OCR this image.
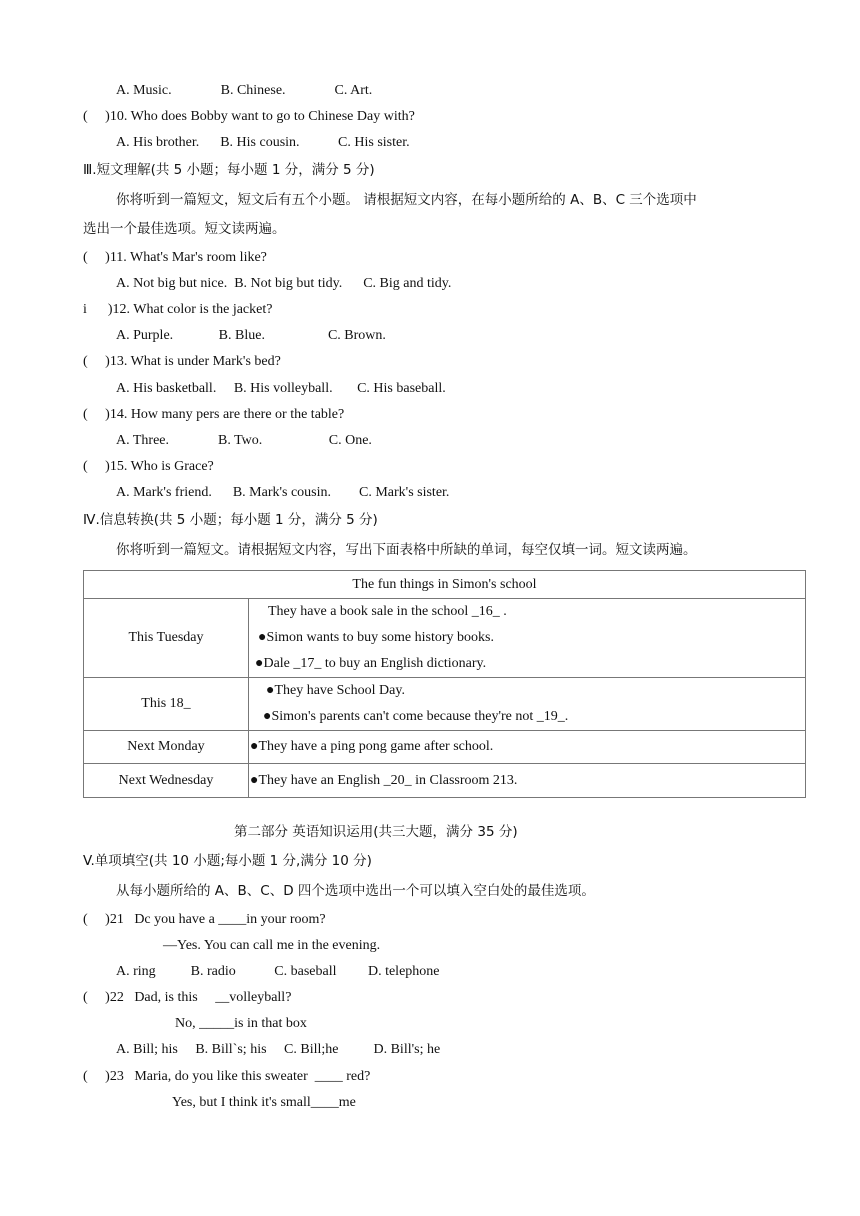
A. Music.              B. Chinese.              C. Art.
(     )10. Who does Bobby want to go to Chinese Day with?
A. His brother.      B. His cousin.           C. His sister.
Ⅲ.短文理解(共 5 小题；每小题 1 分，满分 5 分)
你将听到一篇短文，短文后有五个小题。 请根据短文内容，在每小题所给的 A、B、C 三个选项中
选出一个最佳选项。短文读两遍。
(     )11. What's Mar's room like?
A. Not big but nice.  B. Not big but tidy.      C. Big and tidy.
i      )12. What color is the jacket?
A. Purple.             B. Blue.                  C. Brown.
(     )13. What is under Mark's bed?
A. His basketball.     B. His volleyball.       C. His baseball.
(     )14. How many pers are there or the table?
A. Three.              B. Two.                   C. One.
(     )15. Who is Grace?
A. Mark's friend.      B. Mark's cousin.        C. Mark's sister.
Ⅳ.信息转换(共 5 小题；每小题 1 分，满分 5 分)
你将听到一篇短文。请根据短文内容，写出下面表格中所缺的单词，每空仅填一词。短文读两遍。
The fun things in Simon's school	
This Tuesday	They have a book sale in the school _16_ .
●Simon wants to buy some history books.
●Dale _17_ to buy an English dictionary.

This 18_	●They have School Day.
●Simon's parents can't come because they're not _19_.

Next Monday	●They have a ping pong game after school.

Next Wednesday	●They have an English _20_ in Classroom 213.
第二部分 英语知识运用(共三大题，满分 35 分)
V.单项填空(共 10 小题;每小题 1 分,满分 10 分)
从每小题所给的 A、B、C、D 四个选项中选出一个可以填入空白处的最佳选项。
(     )21   Dc you have a ____in your room?
—Yes. You can call me in the evening.
A. ring          B. radio           C. baseball         D. telephone
(     )22   Dad, is this     __volleyball?
No, _____is in that box
A. Bill; his     B. Bill`s; his     C. Bill;he          D. Bill's; he
(     )23   Maria, do you like this sweater  ____ red?
Yes, but I think it's small____me
